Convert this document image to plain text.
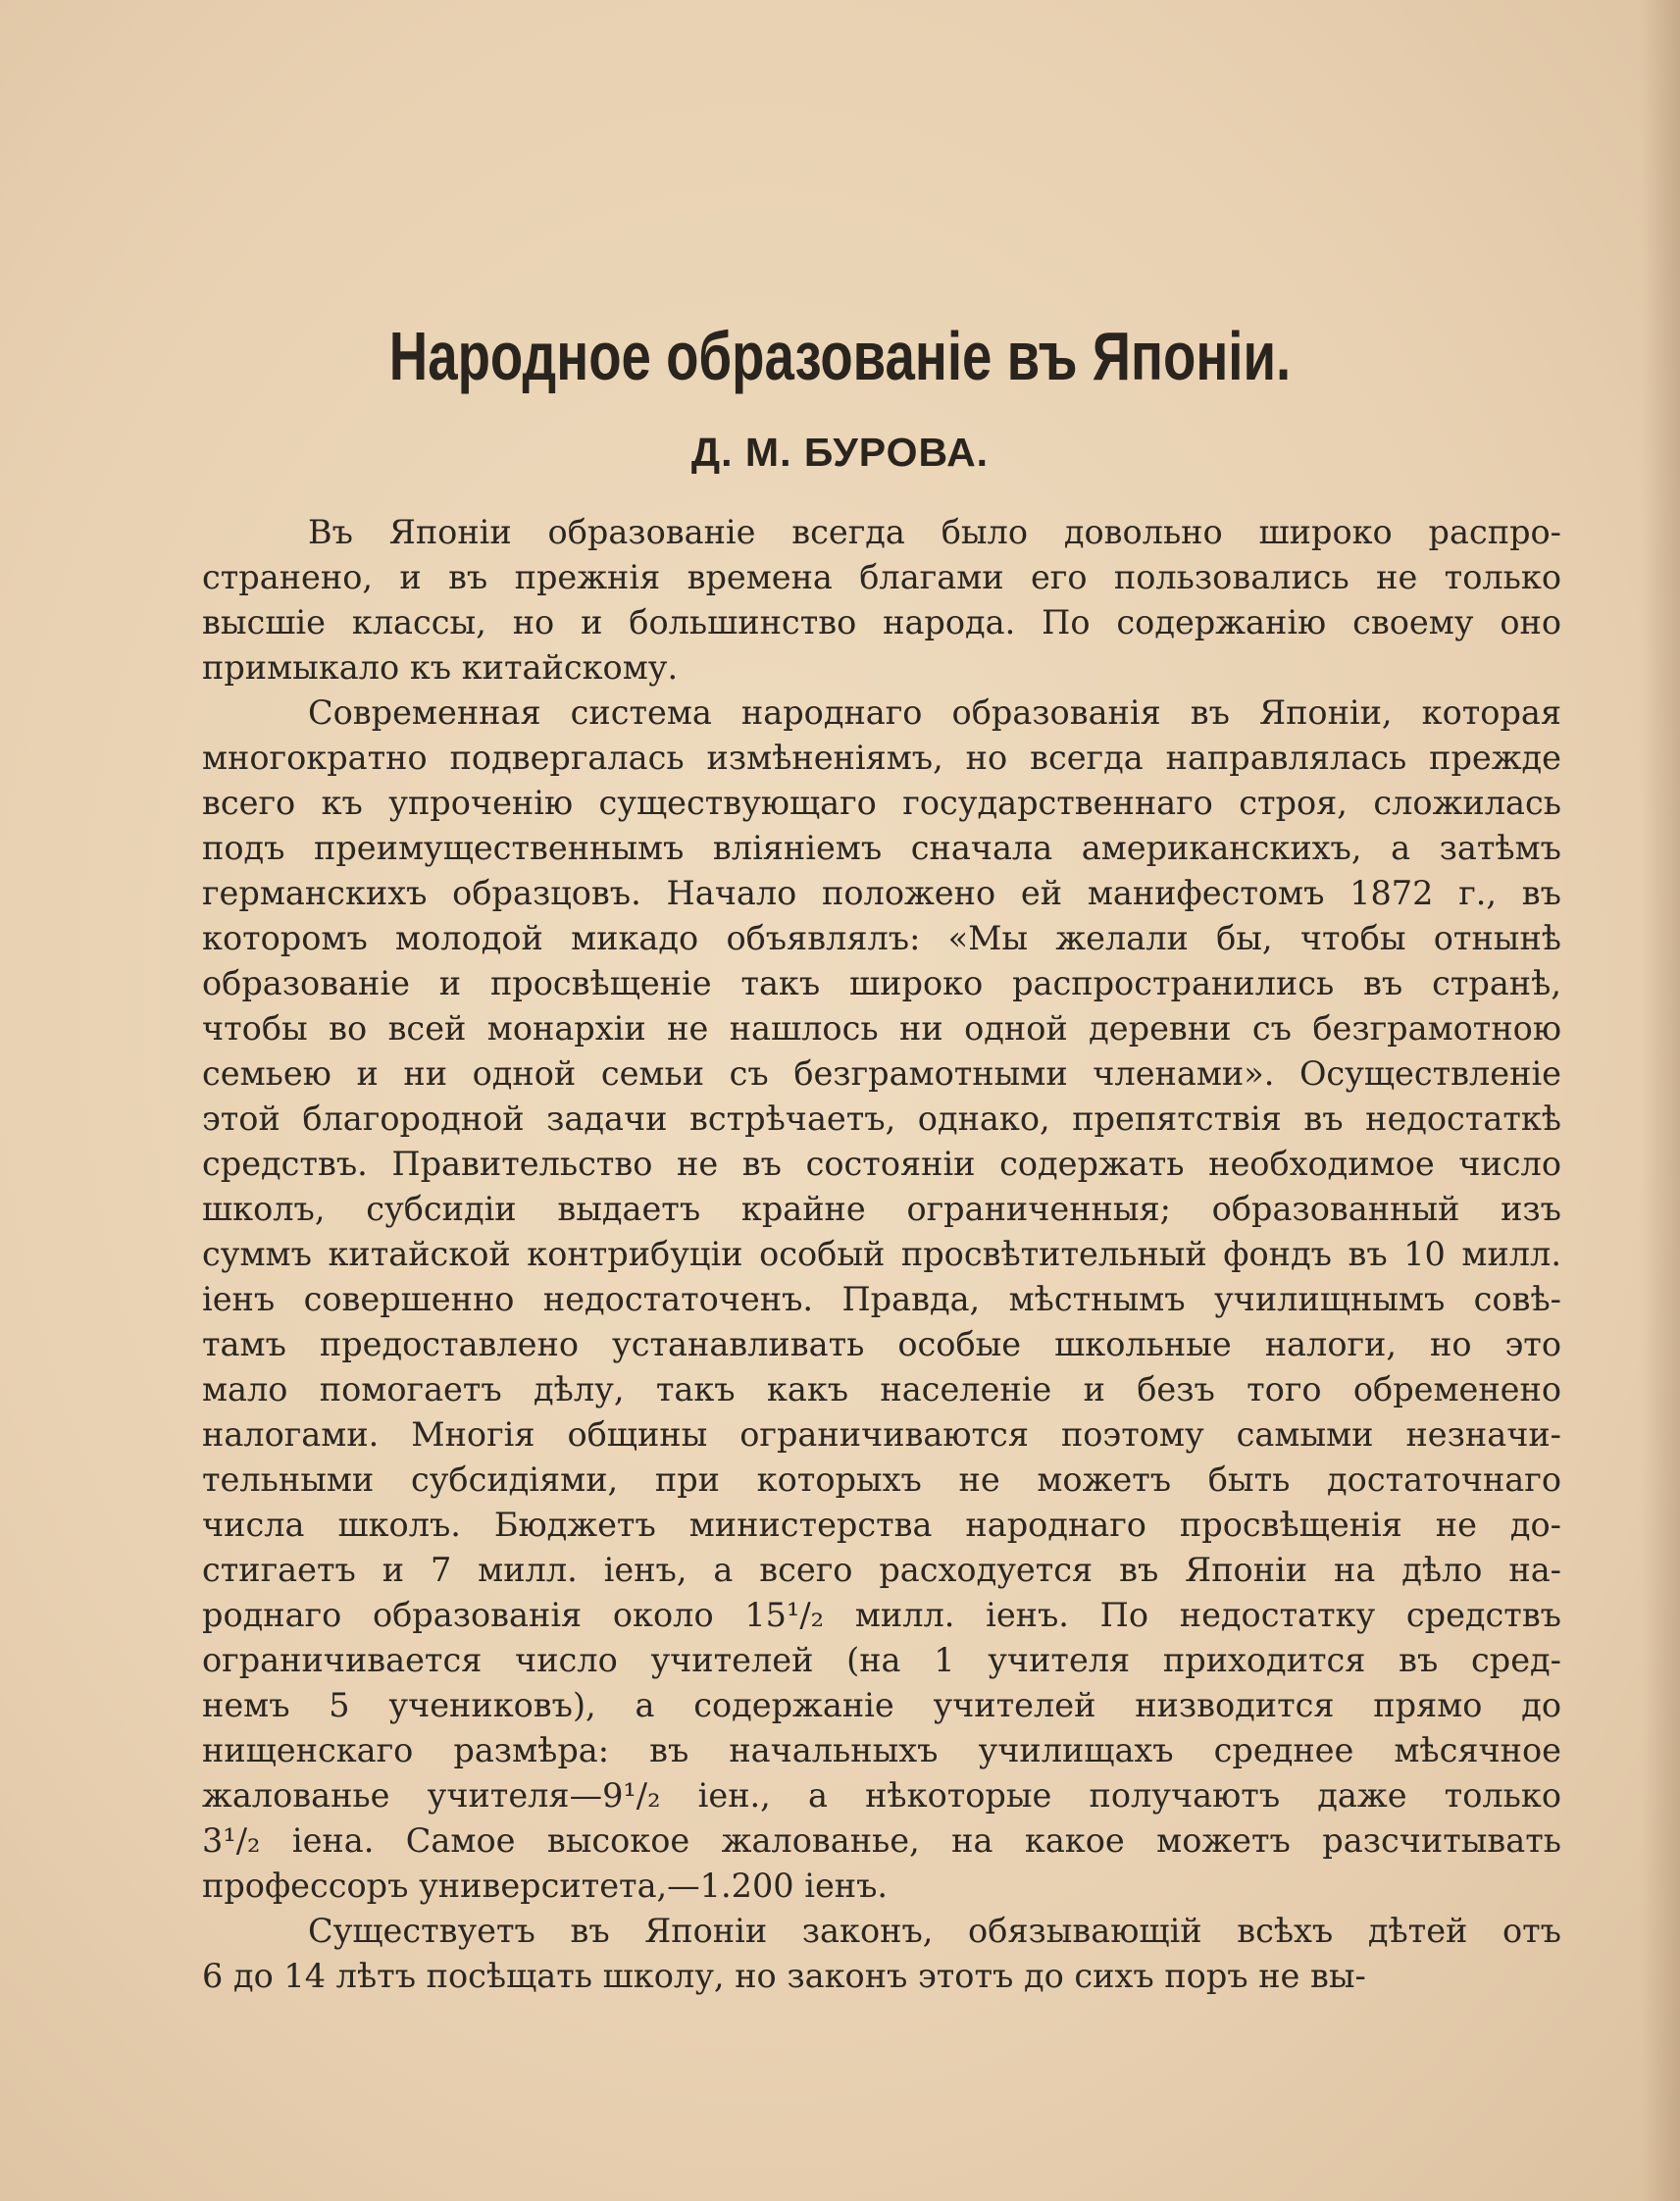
Народное образованіе въ Японіи.
Д. М. БУРОВА.
Въ Японіи образованіе всегда было довольно широко распро-
странено, и въ прежнія времена благами его пользовались не только
высшіе классы, но и большинство народа. По содержанію своему оно
примыкало къ китайскому.
Современная система народнаго образованія въ Японіи, которая
многократно подвергалась измѣненіямъ, но всегда направлялась прежде
всего къ упроченію существующаго государственнаго строя, сложилась
подъ преимущественнымъ вліяніемъ сначала американскихъ, а затѣмъ
германскихъ образцовъ. Начало положено ей манифестомъ 1872 г., въ
которомъ молодой микадо объявлялъ: «Мы желали бы, чтобы отнынѣ
образованіе и просвѣщеніе такъ широко распространились въ странѣ,
чтобы во всей монархіи не нашлось ни одной деревни съ безграмотною
семьею и ни одной семьи съ безграмотными членами». Осуществленіе
этой благородной задачи встрѣчаетъ, однако, препятствія въ недостаткѣ
средствъ. Правительство не въ состояніи содержать необходимое число
школъ, субсидіи выдаетъ крайне ограниченныя; образованный изъ
суммъ китайской контрибуціи особый просвѣтительный фондъ въ 10 милл.
іенъ совершенно недостаточенъ. Правда, мѣстнымъ училищнымъ совѣ-
тамъ предоставлено устанавливать особые школьные налоги, но это
мало помогаетъ дѣлу, такъ какъ населеніе и безъ того обременено
налогами. Многія общины ограничиваются поэтому самыми незначи-
тельными субсидіями, при которыхъ не можетъ быть достаточнаго
числа школъ. Бюджетъ министерства народнаго просвѣщенія не до-
стигаетъ и 7 милл. іенъ, а всего расходуется въ Японіи на дѣло на-
роднаго образованія около 15¹/₂ милл. іенъ. По недостатку средствъ
ограничивается число учителей (на 1 учителя приходится въ сред-
немъ 5 учениковъ), а содержаніе учителей низводится прямо до
нищенскаго размѣра: въ начальныхъ училищахъ среднее мѣсячное
жалованье учителя—9¹/₂ іен., а нѣкоторые получаютъ даже только
3¹/₂ іена. Самое высокое жалованье, на какое можетъ разсчитывать
профессоръ университета,—1.200 іенъ.
Существуетъ въ Японіи законъ, обязывающій всѣхъ дѣтей отъ
6 до 14 лѣтъ посѣщать школу, но законъ этотъ до сихъ поръ не вы-
